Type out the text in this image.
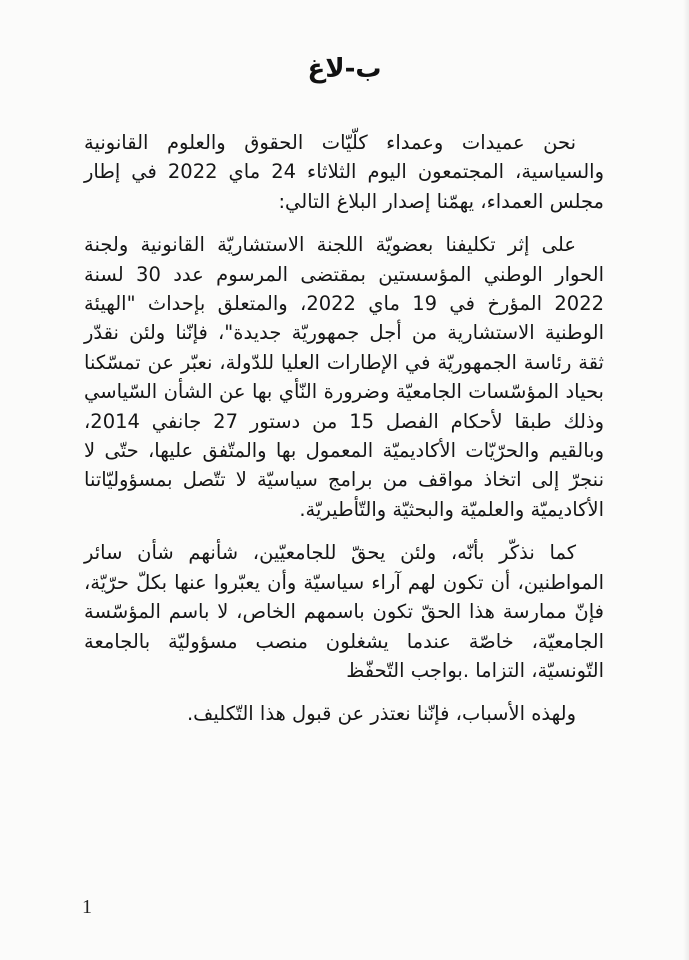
ب-لاغ

نحن عميدات وعمداء كلّيّات الحقوق والعلوم القانونية والسياسية، المجتمعون اليوم الثلاثاء 24 ماي 2022 في إطار مجلس العمداء، يهمّنا إصدار البلاغ التالي:

على إثر تكليفنا بعضويّة اللجنة الاستشاريّة القانونية ولجنة الحوار الوطني المؤسستين بمقتضى المرسوم عدد 30 لسنة 2022 المؤرخ في 19 ماي 2022، والمتعلق بإحداث "الهيئة الوطنية الاستشارية من أجل جمهوريّة جديدة"، فإنّنا ولئن نقدّر ثقة رئاسة الجمهوريّة في الإطارات العليا للدّولة، نعبّر عن تمسّكنا بحياد المؤسّسات الجامعيّة وضرورة النّأي بها عن الشأن السّياسي وذلك طبقا لأحكام الفصل 15 من دستور 27 جانفي 2014، وبالقيم والحرّيّات الأكاديميّة المعمول بها والمتّفق عليها، حتّى لا ننجرّ إلى اتخاذ مواقف من برامج سياسيّة لا تتّصل بمسؤوليّاتنا الأكاديميّة والعلميّة والبحثيّة والتّأطيريّة.

كما نذكّر بأنّه، ولئن يحقّ للجامعيّين، شأنهم شأن سائر المواطنين، أن تكون لهم آراء سياسيّة وأن يعبّروا عنها بكلّ حرّيّة، فإنّ ممارسة هذا الحقّ تكون باسمهم الخاص، لا باسم المؤسّسة الجامعيّة، خاصّة عندما يشغلون منصب مسؤوليّة بالجامعة التّونسيّة، التزاما .بواجب التّحفّظ

ولهذه الأسباب، فإنّنا نعتذر عن قبول هذا التّكليف.

1
